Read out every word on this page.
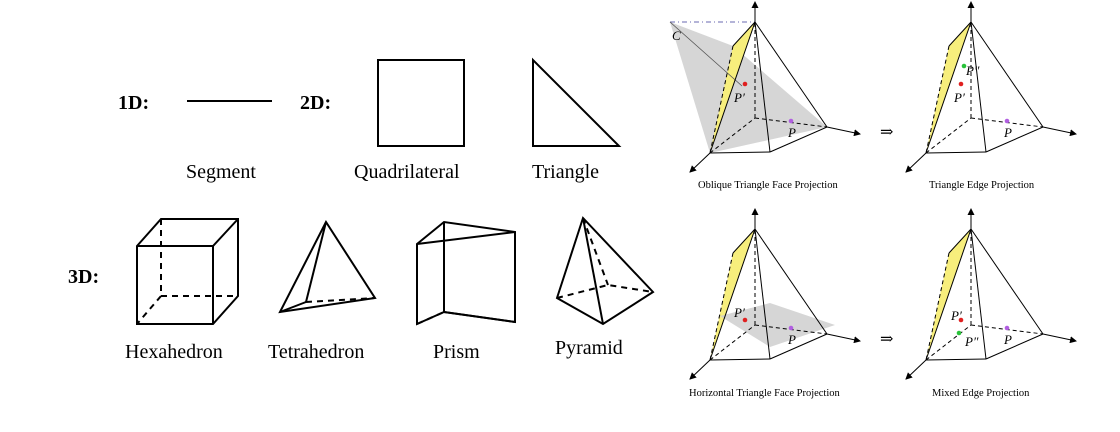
1D:	2D:
3D:
Segment	Quadrilateral	Triangle
Hexahedron Tetrahedron	Prism	Pyramid
C
P′
P
P″
P′
P
P′
P
P′
P″ P
⇒
⇒
Oblique Triangle Face Projection	Triangle Edge Projection
Horizontal Triangle Face Projection	Mixed Edge Projection
